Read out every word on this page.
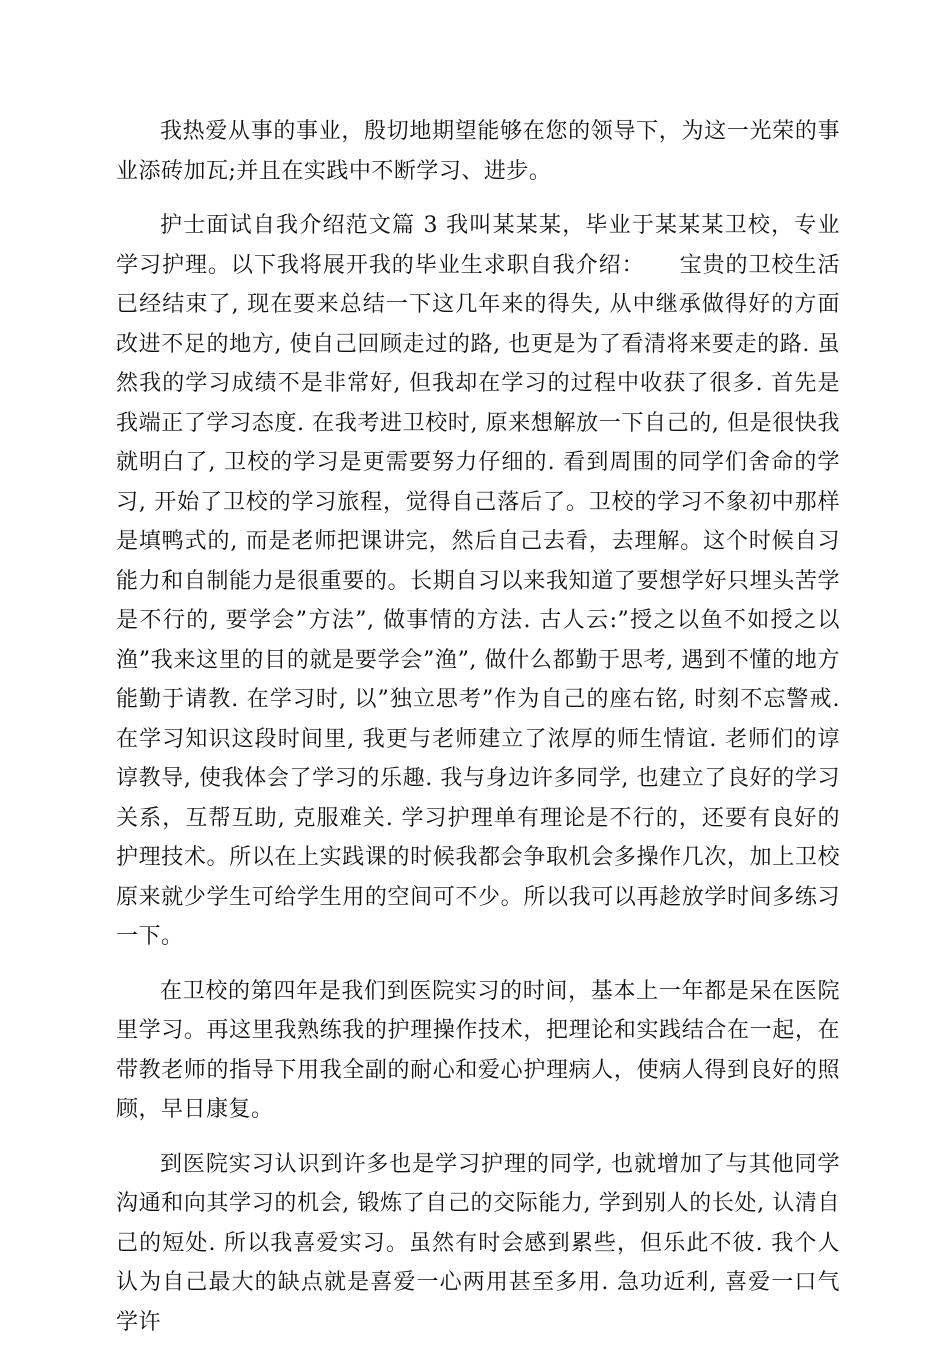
我热爱从事的事业，殷切地期望能够在您的领导下，为这一光荣的事业添砖加瓦;并且在实践中不断学习、进步。

护士面试自我介绍范文篇 3 我叫某某某，毕业于某某某卫校，专业学习护理。以下我将展开我的毕业生求职自我介绍：　　宝贵的卫校生活已经结束了, 现在要来总结一下这几年来的得失, 从中继承做得好的方面改进不足的地方, 使自己回顾走过的路, 也更是为了看清将来要走的路. 虽然我的学习成绩不是非常好, 但我却在学习的过程中收获了很多. 首先是我端正了学习态度. 在我考进卫校时, 原来想解放一下自己的, 但是很快我就明白了, 卫校的学习是更需要努力仔细的. 看到周围的同学们舍命的学习, 开始了卫校的学习旅程，觉得自己落后了。卫校的学习不象初中那样是填鸭式的, 而是老师把课讲完，然后自己去看，去理解。这个时候自习能力和自制能力是很重要的。长期自习以来我知道了要想学好只埋头苦学是不行的, 要学会”方法”, 做事情的方法. 古人云:”授之以鱼不如授之以渔”我来这里的目的就是要学会”渔”, 做什么都勤于思考, 遇到不懂的地方能勤于请教. 在学习时, 以”独立思考”作为自己的座右铭, 时刻不忘警戒. 在学习知识这段时间里, 我更与老师建立了浓厚的师生情谊. 老师们的谆谆教导, 使我体会了学习的乐趣. 我与身边许多同学, 也建立了良好的学习关系，互帮互助, 克服难关. 学习护理单有理论是不行的，还要有良好的护理技术。所以在上实践课的时候我都会争取机会多操作几次，加上卫校原来就少学生可给学生用的空间可不少。所以我可以再趁放学时间多练习一下。

在卫校的第四年是我们到医院实习的时间，基本上一年都是呆在医院里学习。再这里我熟练我的护理操作技术，把理论和实践结合在一起，在带教老师的指导下用我全副的耐心和爱心护理病人，使病人得到良好的照顾，早日康复。

到医院实习认识到许多也是学习护理的同学, 也就增加了与其他同学沟通和向其学习的机会, 锻炼了自己的交际能力, 学到别人的长处, 认清自己的短处. 所以我喜爱实习。虽然有时会感到累些，但乐此不彼. 我个人认为自己最大的缺点就是喜爱一心两用甚至多用. 急功近利, 喜爱一口气学许
